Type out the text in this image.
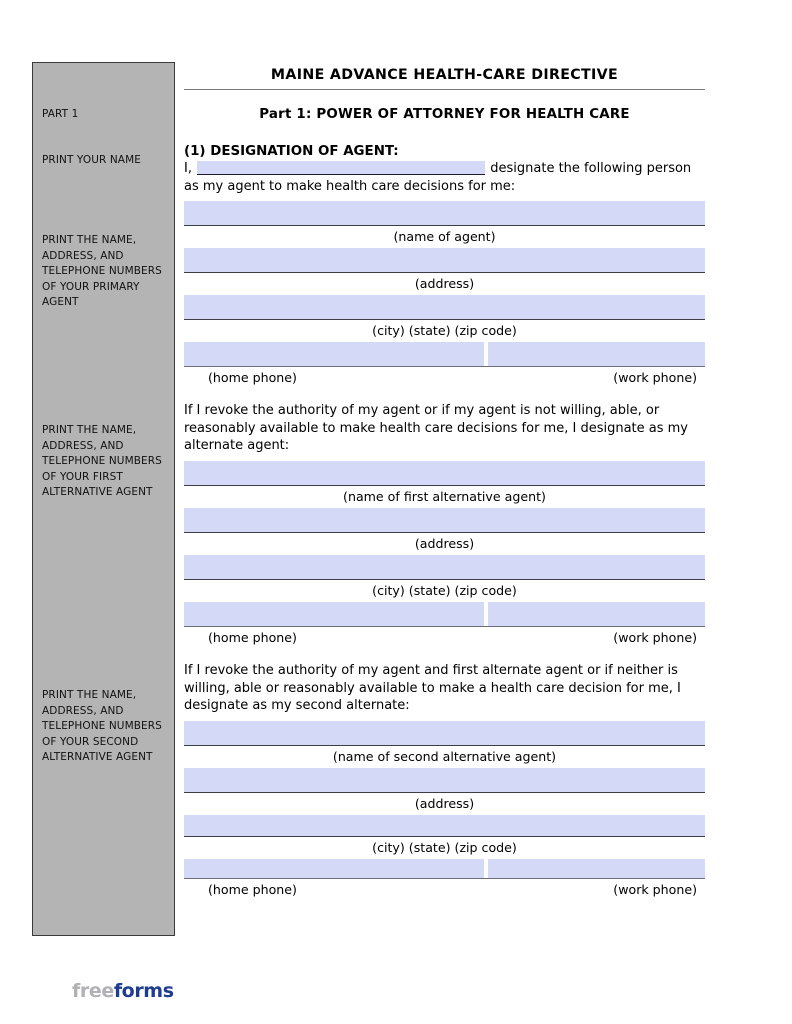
PART 1
PRINT YOUR NAME
PRINT THE NAME, ADDRESS, AND TELEPHONE NUMBERS OF YOUR PRIMARY AGENT
PRINT THE NAME, ADDRESS, AND TELEPHONE NUMBERS OF YOUR FIRST ALTERNATIVE AGENT
PRINT THE NAME, ADDRESS, AND TELEPHONE NUMBERS OF YOUR SECOND ALTERNATIVE AGENT
MAINE ADVANCE HEALTH-CARE DIRECTIVE
Part 1: POWER OF ATTORNEY FOR HEALTH CARE
(1) DESIGNATION OF AGENT:
I,	designate the following person
as my agent to make health care decisions for me:
(name of agent)
(address)
(city) (state) (zip code)
(home phone)	(work phone)

If I revoke the authority of my agent or if my agent is not willing, able, or reasonably available to make health care decisions for me, I designate as my alternate agent:

(name of first alternative agent)
(address)
(city) (state) (zip code)
(home phone)	(work phone)

If I revoke the authority of my agent and first alternate agent or if neither is willing, able or reasonably available to make a health care decision for me, I designate as my second alternate:

(name of second alternative agent)
(address)
(city) (state) (zip code)
(home phone)	(work phone)
freeforms
